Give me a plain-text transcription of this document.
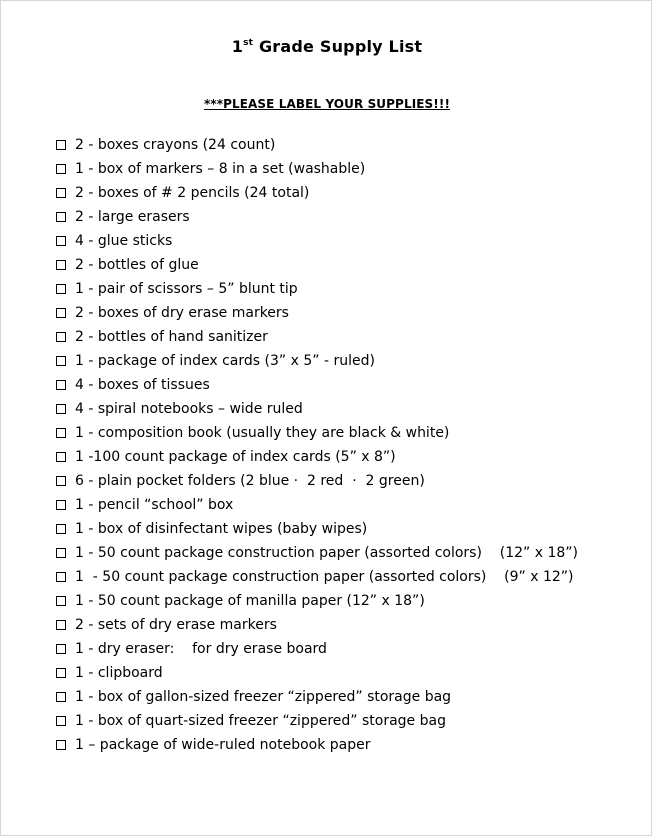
1st Grade Supply List
***PLEASE LABEL YOUR SUPPLIES!!!
2 - boxes crayons (24 count)
1 - box of markers – 8 in a set (washable)
2 - boxes of # 2 pencils (24 total)
2 - large erasers
4 - glue sticks
2 - bottles of glue
1 - pair of scissors – 5” blunt tip
2 - boxes of dry erase markers
2 - bottles of hand sanitizer
1 - package of index cards (3” x 5” - ruled)
4 - boxes of tissues
4 - spiral notebooks – wide ruled
1 - composition book (usually they are black & white)
1 -100 count package of index cards (5” x 8”)
6 - plain pocket folders (2 blue ·  2 red  ·  2 green)
1 - pencil “school” box
1 - box of disinfectant wipes (baby wipes)
1 - 50 count package construction paper (assorted colors)    (12” x 18”)
1  - 50 count package construction paper (assorted colors)    (9” x 12”)
1 - 50 count package of manilla paper (12” x 18”)
2 - sets of dry erase markers
1 - dry eraser:    for dry erase board
1 - clipboard
1 - box of gallon-sized freezer “zippered” storage bag
1 - box of quart-sized freezer “zippered” storage bag
1 – package of wide-ruled notebook paper
